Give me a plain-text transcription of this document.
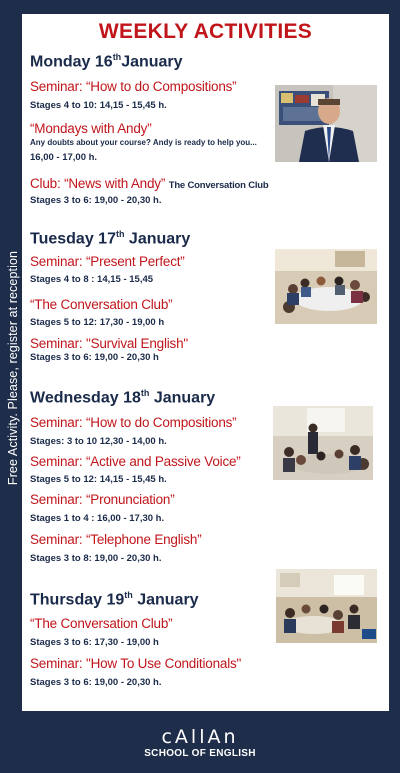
Free Activity. Please, register at reception
WEEKLY ACTIVITIES
Monday 16thJanuary
Seminar: “How to do Compositions”
Stages 4 to 10: 14,15 - 15,45 h.
“Mondays with Andy”
Any doubts about your course? Andy is ready to help you...
16,00 - 17,00 h.
Club: “News with Andy” The Conversation Club
Stages 3 to 6: 19,00 - 20,30 h.
Tuesday 17th January
Seminar: “Present Perfect”
Stages 4 to 8 : 14,15 - 15,45
“The Conversation Club”
Stages 5 to 12: 17,30 - 19,00 h
Seminar: "Survival English"
Stages 3 to 6: 19,00 - 20,30 h
Wednesday 18th January
Seminar: “How to do Compositions”
Stages: 3 to 10 12,30 - 14,00 h.
Seminar: “Active and Passive Voice”
Stages 5 to 12: 14,15 - 15,45 h.
Seminar: “Pronunciation”
Stages 1 to 4 : 16,00 - 17,30 h.
Seminar: “Telephone English”
Stages 3 to 8: 19,00 - 20,30 h.
Thursday 19th January
“The Conversation Club”
Stages 3 to 6: 17,30 - 19,00 h
Seminar: "How To Use Conditionals"
Stages 3 to 6: 19,00 - 20,30 h.
cAllAn
SCHOOL OF ENGLISH
